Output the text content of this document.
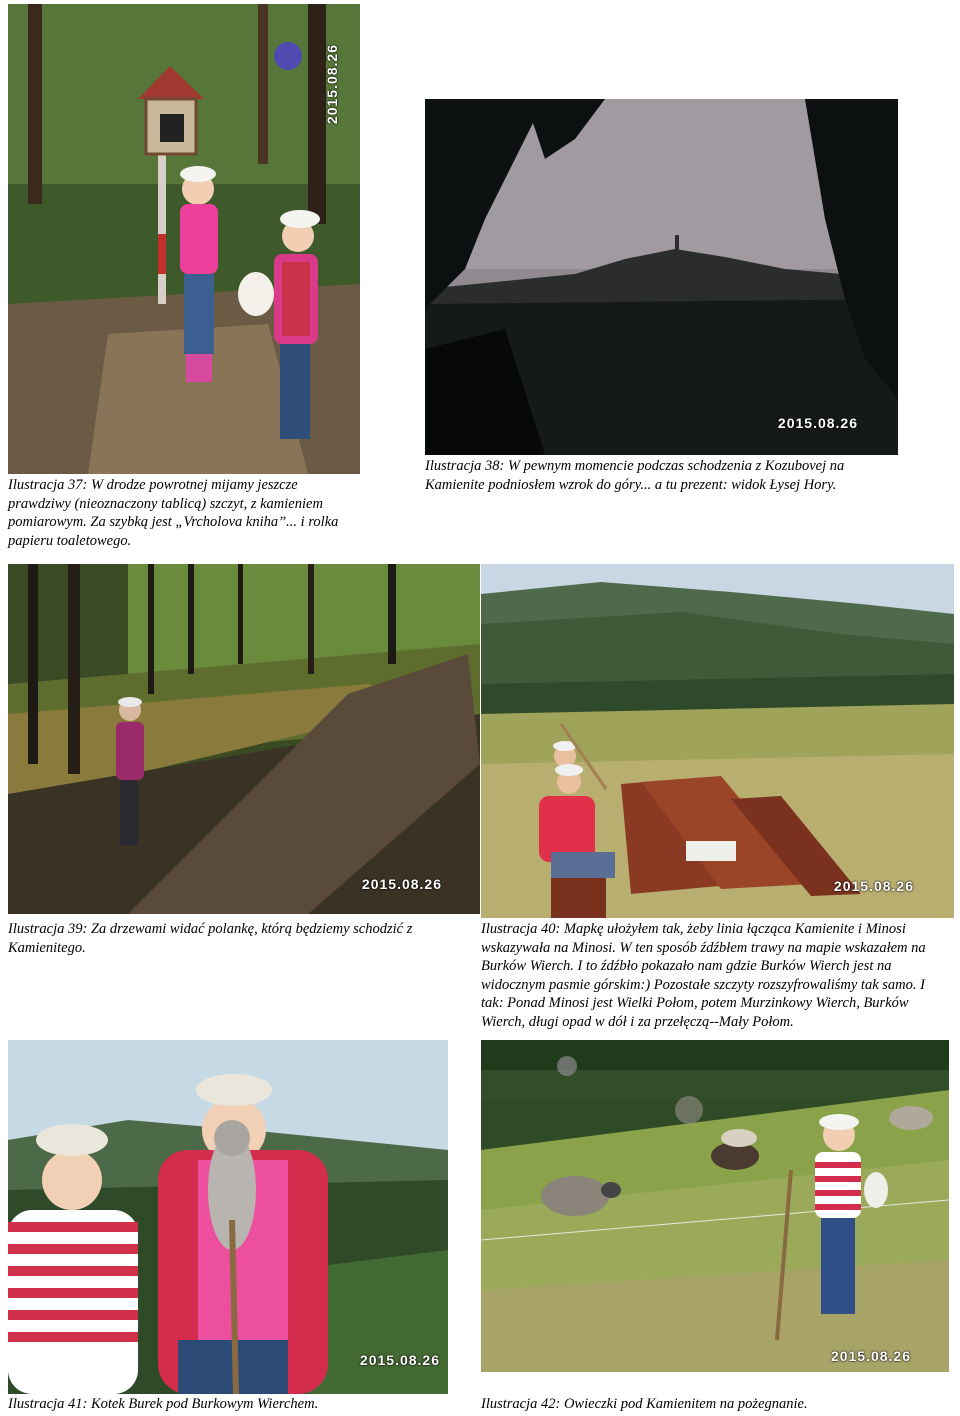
2015.08.26
2015.08.26

Ilustracja 37: W drodze powrotnej mijamy jeszcze prawdziwy (nieoznaczony tablicą) szczyt, z kamieniem pomiarowym. Za szybką jest „Vrcholova kniha”... i rolka papieru toaletowego.

Ilustracja 38: W pewnym momencie podczas schodzenia z Kozubovej na Kamienite podniosłem wzrok do góry... a tu prezent: widok Łysej Hory.

2015.08.26	2015.08.26

Ilustracja 39: Za drzewami widać polankę, którą będziemy schodzić z Kamienitego.

Ilustracja 40: Mapkę ułożyłem tak, żeby linia łącząca Kamienite i Minosi wskazywała na Minosi. W ten sposób źdźbłem trawy na mapie wskazałem na Burków Wierch. I to źdźbło pokazało nam gdzie Burków Wierch jest na widocznym pasmie górskim:) Pozostałe szczyty rozszyfrowaliśmy tak samo. I tak: Ponad Minosi jest Wielki Połom, potem Murzinkowy Wierch, Burków Wierch, długi opad w dół i za przełęczą--Mały Połom.

2015.08.26	2015.08.26

Ilustracja 41: Kotek Burek pod Burkowym Wierchem.	Ilustracja 42: Owieczki pod Kamienitem na pożegnanie.
